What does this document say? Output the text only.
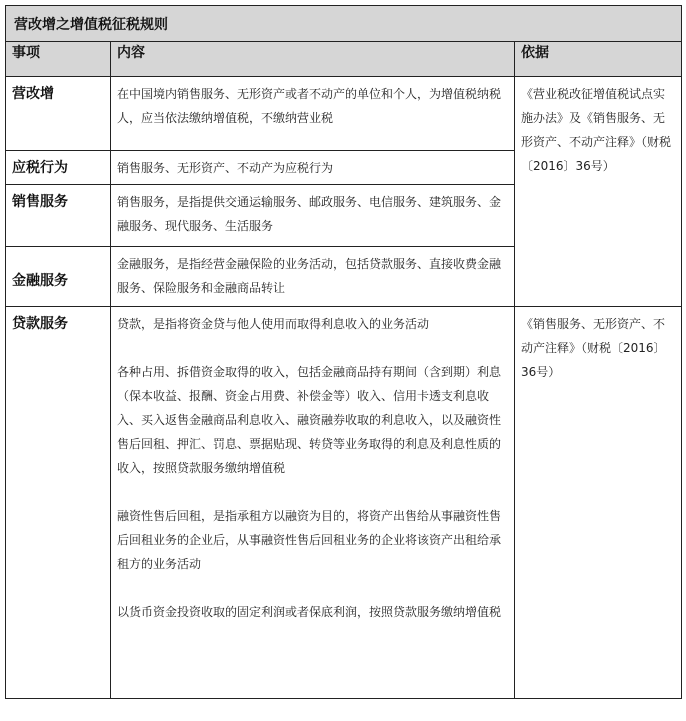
营改增之增值税征税规则		
事项	内容	依据
营改增	在中国境内销售服务、无形资产或者不动产的单位和个人，为增值税纳税人，应当依法缴纳增值税，不缴纳营业税	《营业税改征增值税试点实施办法》及《销售服务、无形资产、不动产注释》（财税〔2016〕36号）
应税行为	销售服务、无形资产、不动产为应税行为	
销售服务	销售服务，是指提供交通运输服务、邮政服务、电信服务、建筑服务、金融服务、现代服务、生活服务	
金融服务	金融服务，是指经营金融保险的业务活动，包括贷款服务、直接收费金融服务、保险服务和金融商品转让	
贷款服务	贷款，是指将资金贷与他人使用而取得利息收入的业务活动

各种占用、拆借资金取得的收入，包括金融商品持有期间（含到期）利息（保本收益、报酬、资金占用费、补偿金等）收入、信用卡透支利息收入、买入返售金融商品利息收入、融资融券收取的利息收入，以及融资性售后回租、押汇、罚息、票据贴现、转贷等业务取得的利息及利息性质的收入，按照贷款服务缴纳增值税

融资性售后回租，是指承租方以融资为目的，将资产出售给从事融资性售后回租业务的企业后，从事融资性售后回租业务的企业将该资产出租给承租方的业务活动

以货币资金投资收取的固定利润或者保底利润，按照贷款服务缴纳增值税	《销售服务、无形资产、不动产注释》（财税〔2016〕36号）
